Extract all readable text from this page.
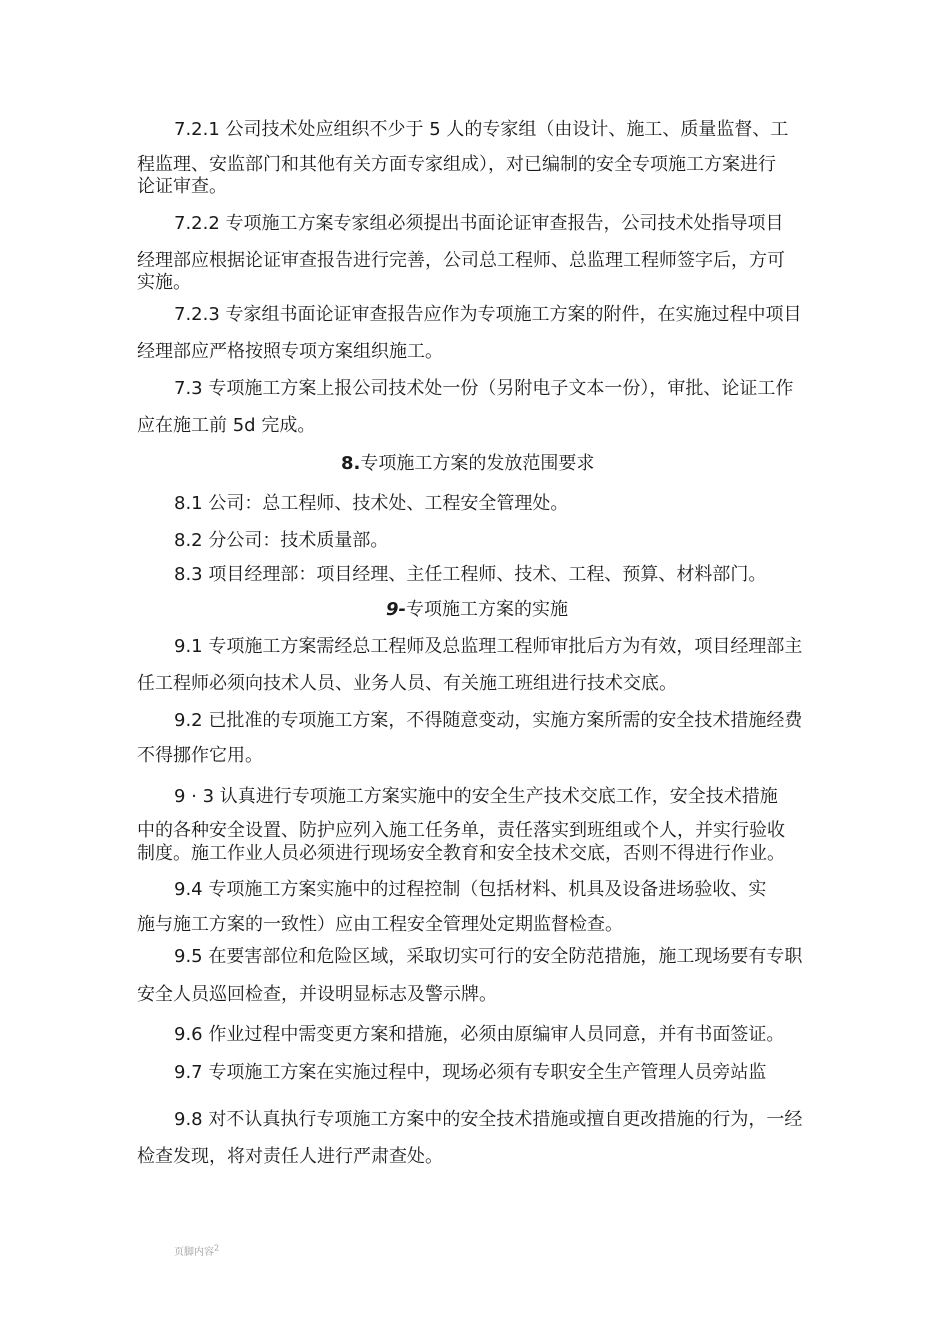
7.2.1 公司技术处应组织不少于 5 人的专家组（由设计、施工、质量监督、工
程监理、安监部门和其他有关方面专家组成），对已编制的安全专项施工方案进行
论证审查。
7.2.2 专项施工方案专家组必须提出书面论证审查报告，公司技术处指导项目
经理部应根据论证审查报告进行完善，公司总工程师、总监理工程师签字后，方可
实施。
7.2.3 专家组书面论证审查报告应作为专项施工方案的附件，在实施过程中项目
经理部应严格按照专项方案组织施工。
7.3 专项施工方案上报公司技术处一份（另附电子文本一份），审批、论证工作
应在施工前 5d 完成。
8.专项施工方案的发放范围要求
8.1 公司：总工程师、技术处、工程安全管理处。
8.2 分公司：技术质量部。
8.3 项目经理部：项目经理、主任工程师、技术、工程、预算、材料部门。
9-专项施工方案的实施
9.1 专项施工方案需经总工程师及总监理工程师审批后方为有效，项目经理部主
任工程师必须向技术人员、业务人员、有关施工班组进行技术交底。
9.2 已批准的专项施工方案，不得随意变动，实施方案所需的安全技术措施经费
不得挪作它用。
9 · 3 认真进行专项施工方案实施中的安全生产技术交底工作，安全技术措施
中的各种安全设置、防护应列入施工任务单，责任落实到班组或个人，并实行验收
制度。施工作业人员必须进行现场安全教育和安全技术交底，否则不得进行作业。
9.4 专项施工方案实施中的过程控制（包括材料、机具及设备进场验收、实
施与施工方案的一致性）应由工程安全管理处定期监督检查。
9.5 在要害部位和危险区域，采取切实可行的安全防范措施，施工现场要有专职
安全人员巡回检查，并设明显标志及警示牌。
9.6 作业过程中需变更方案和措施，必须由原编审人员同意，并有书面签证。
9.7 专项施工方案在实施过程中，现场必须有专职安全生产管理人员旁站监
9.8 对不认真执行专项施工方案中的安全技术措施或擅自更改措施的行为，一经
检查发现，将对责任人进行严肃查处。
页脚内容$^2$
